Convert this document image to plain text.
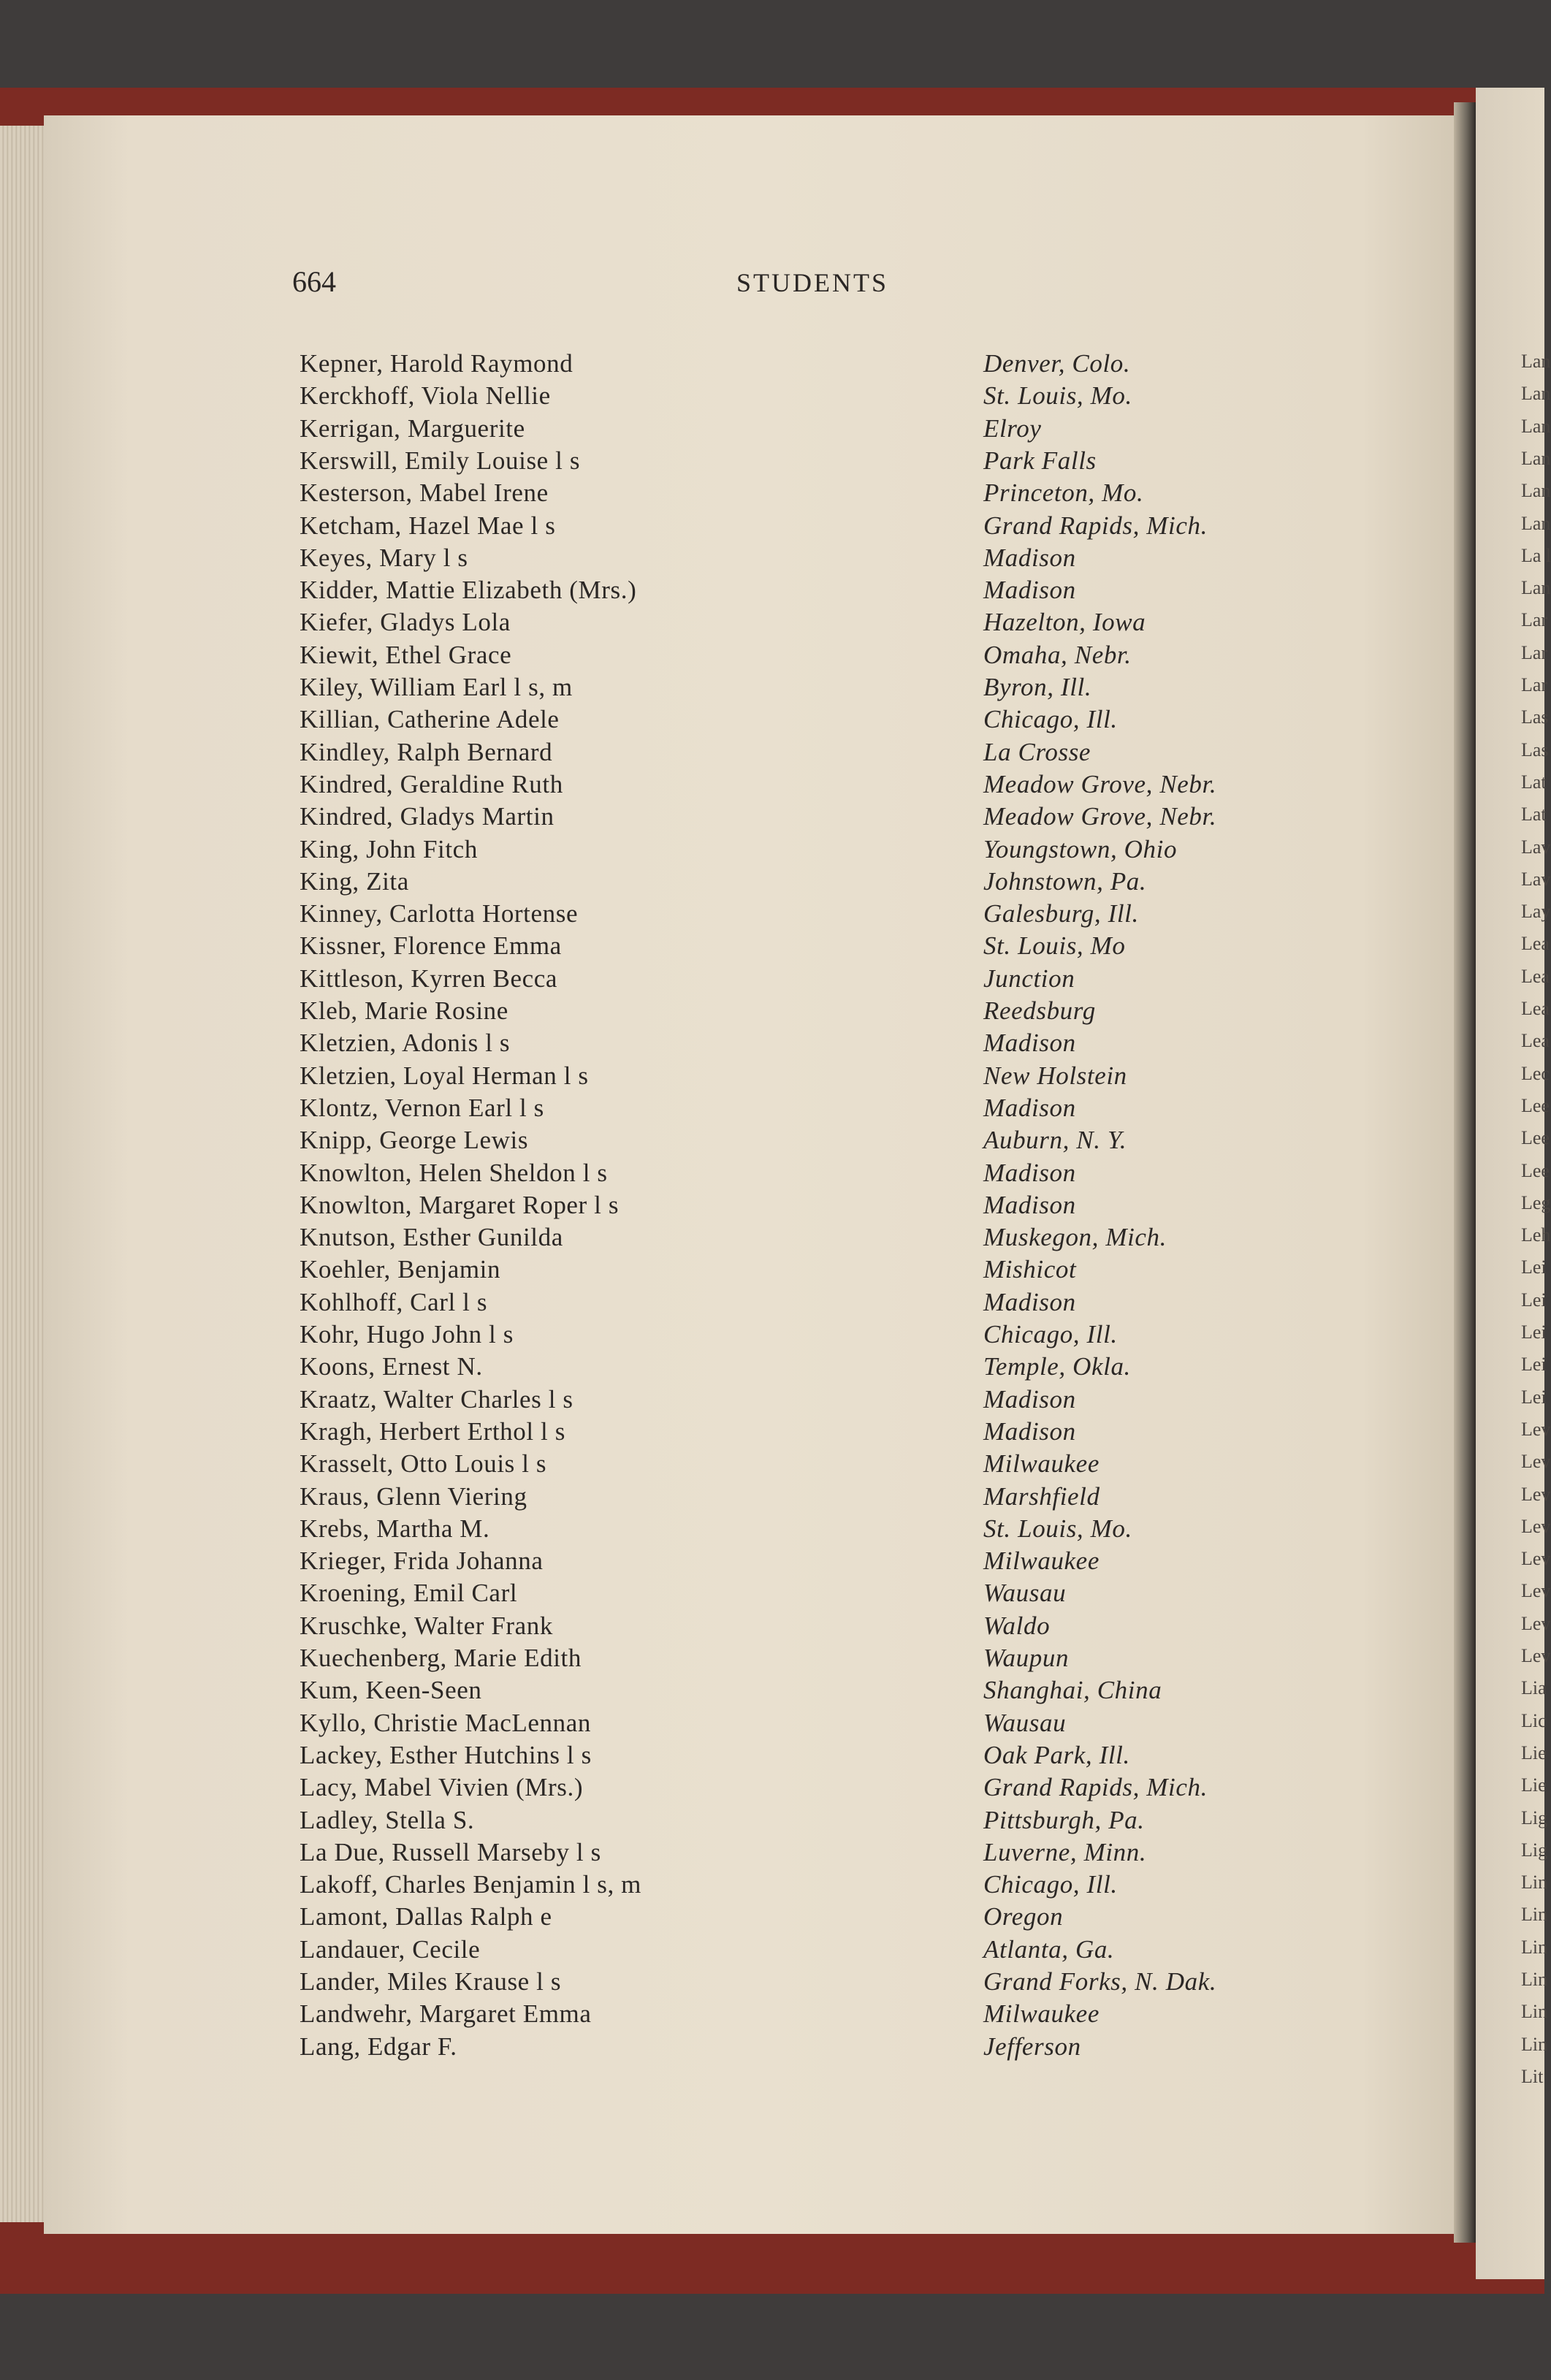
664	STUDENTS
Kepner, Harold Raymond	Denver, Colo.
Kerckhoff, Viola Nellie	St. Louis, Mo.
Kerrigan, Marguerite	Elroy
Kerswill, Emily Louise l s	Park Falls
Kesterson, Mabel Irene	Princeton, Mo.
Ketcham, Hazel Mae l s	Grand Rapids, Mich.
Keyes, Mary l s	Madison
Kidder, Mattie Elizabeth (Mrs.)	Madison
Kiefer, Gladys Lola	Hazelton, Iowa
Kiewit, Ethel Grace	Omaha, Nebr.
Kiley, William Earl l s, m	Byron, Ill.
Killian, Catherine Adele	Chicago, Ill.
Kindley, Ralph Bernard	La Crosse
Kindred, Geraldine Ruth	Meadow Grove, Nebr.
Kindred, Gladys Martin	Meadow Grove, Nebr.
King, John Fitch	Youngstown, Ohio
King, Zita	Johnstown, Pa.
Kinney, Carlotta Hortense	Galesburg, Ill.
Kissner, Florence Emma	St. Louis, Mo
Kittleson, Kyrren Becca	Junction
Kleb, Marie Rosine	Reedsburg
Kletzien, Adonis l s	Madison
Kletzien, Loyal Herman l s	New Holstein
Klontz, Vernon Earl l s	Madison
Knipp, George Lewis	Auburn, N. Y.
Knowlton, Helen Sheldon l s	Madison
Knowlton, Margaret Roper l s	Madison
Knutson, Esther Gunilda	Muskegon, Mich.
Koehler, Benjamin	Mishicot
Kohlhoff, Carl l s	Madison
Kohr, Hugo John l s	Chicago, Ill.
Koons, Ernest N.	Temple, Okla.
Kraatz, Walter Charles l s	Madison
Kragh, Herbert Erthol l s	Madison
Krasselt, Otto Louis l s	Milwaukee
Kraus, Glenn Viering	Marshfield
Krebs, Martha M.	St. Louis, Mo.
Krieger, Frida Johanna	Milwaukee
Kroening, Emil Carl	Wausau
Kruschke, Walter Frank	Waldo
Kuechenberg, Marie Edith	Waupun
Kum, Keen-Seen	Shanghai, China
Kyllo, Christie MacLennan	Wausau
Lackey, Esther Hutchins l s	Oak Park, Ill.
Lacy, Mabel Vivien (Mrs.)	Grand Rapids, Mich.
Ladley, Stella S.	Pittsburgh, Pa.
La Due, Russell Marseby l s	Luverne, Minn.
Lakoff, Charles Benjamin l s, m	Chicago, Ill.
Lamont, Dallas Ralph e	Oregon
Landauer, Cecile	Atlanta, Ga.
Lander, Miles Krause l s	Grand Forks, N. Dak.
Landwehr, Margaret Emma	Milwaukee
Lang, Edgar F.	Jefferson
Lan
Lan
Lan
Lan
Lan
Lan
La l
Lan
Lar
Lar
Lar
Las
Las
Lat
Lat
Lav
Lav
Lay
Lea
Lea
Lea
Lea
Lec
Lee
Lee
Lee
Leg
Leh
Lei
Lei
Lei
Lei
Lei
Lev
Lev
Lev
Lev
Lev
Lev
Lev
Lev
Lia
Lic
Lie
Lie
Lig
Lig
Lin
Lin
Lin
Lin
Lin
Lin
Lit
